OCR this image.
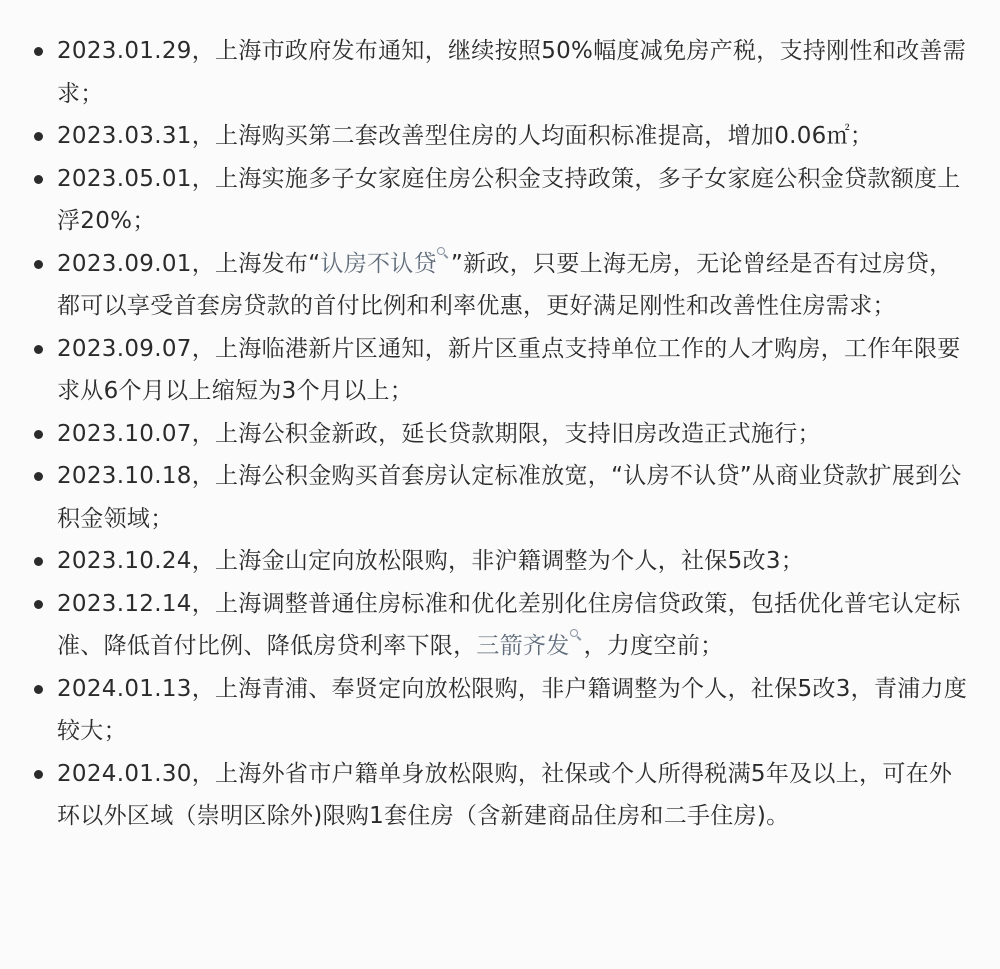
2023.01.29，上海市政府发布通知，继续按照50%幅度减免房产税，支持刚性和改善需求；
2023.03.31，上海购买第二套改善型住房的人均面积标准提高，增加0.06㎡；
2023.05.01，上海实施多子女家庭住房公积金支持政策，多子女家庭公积金贷款额度上浮20%；
2023.09.01，上海发布“认房不认贷 ”新政，只要上海无房，无论曾经是否有过房贷，都可以享受首套房贷款的首付比例和利率优惠，更好满足刚性和改善性住房需求；
2023.09.07，上海临港新片区通知，新片区重点支持单位工作的人才购房，工作年限要求从6个月以上缩短为3个月以上；
2023.10.07，上海公积金新政，延长贷款期限，支持旧房改造正式施行；
2023.10.18，上海公积金购买首套房认定标准放宽，“认房不认贷”从商业贷款扩展到公积金领域；
2023.10.24，上海金山定向放松限购，非沪籍调整为个人，社保5改3；
2023.12.14，上海调整普通住房标准和优化差别化住房信贷政策，包括优化普宅认定标准、降低首付比例、降低房贷利率下限，三箭齐发 ，力度空前；
2024.01.13，上海青浦、奉贤定向放松限购，非户籍调整为个人，社保5改3，青浦力度较大；
2024.01.30，上海外省市户籍单身放松限购，社保或个人所得税满5年及以上，可在外环以外区域（崇明区除外)限购1套住房（含新建商品住房和二手住房)。
